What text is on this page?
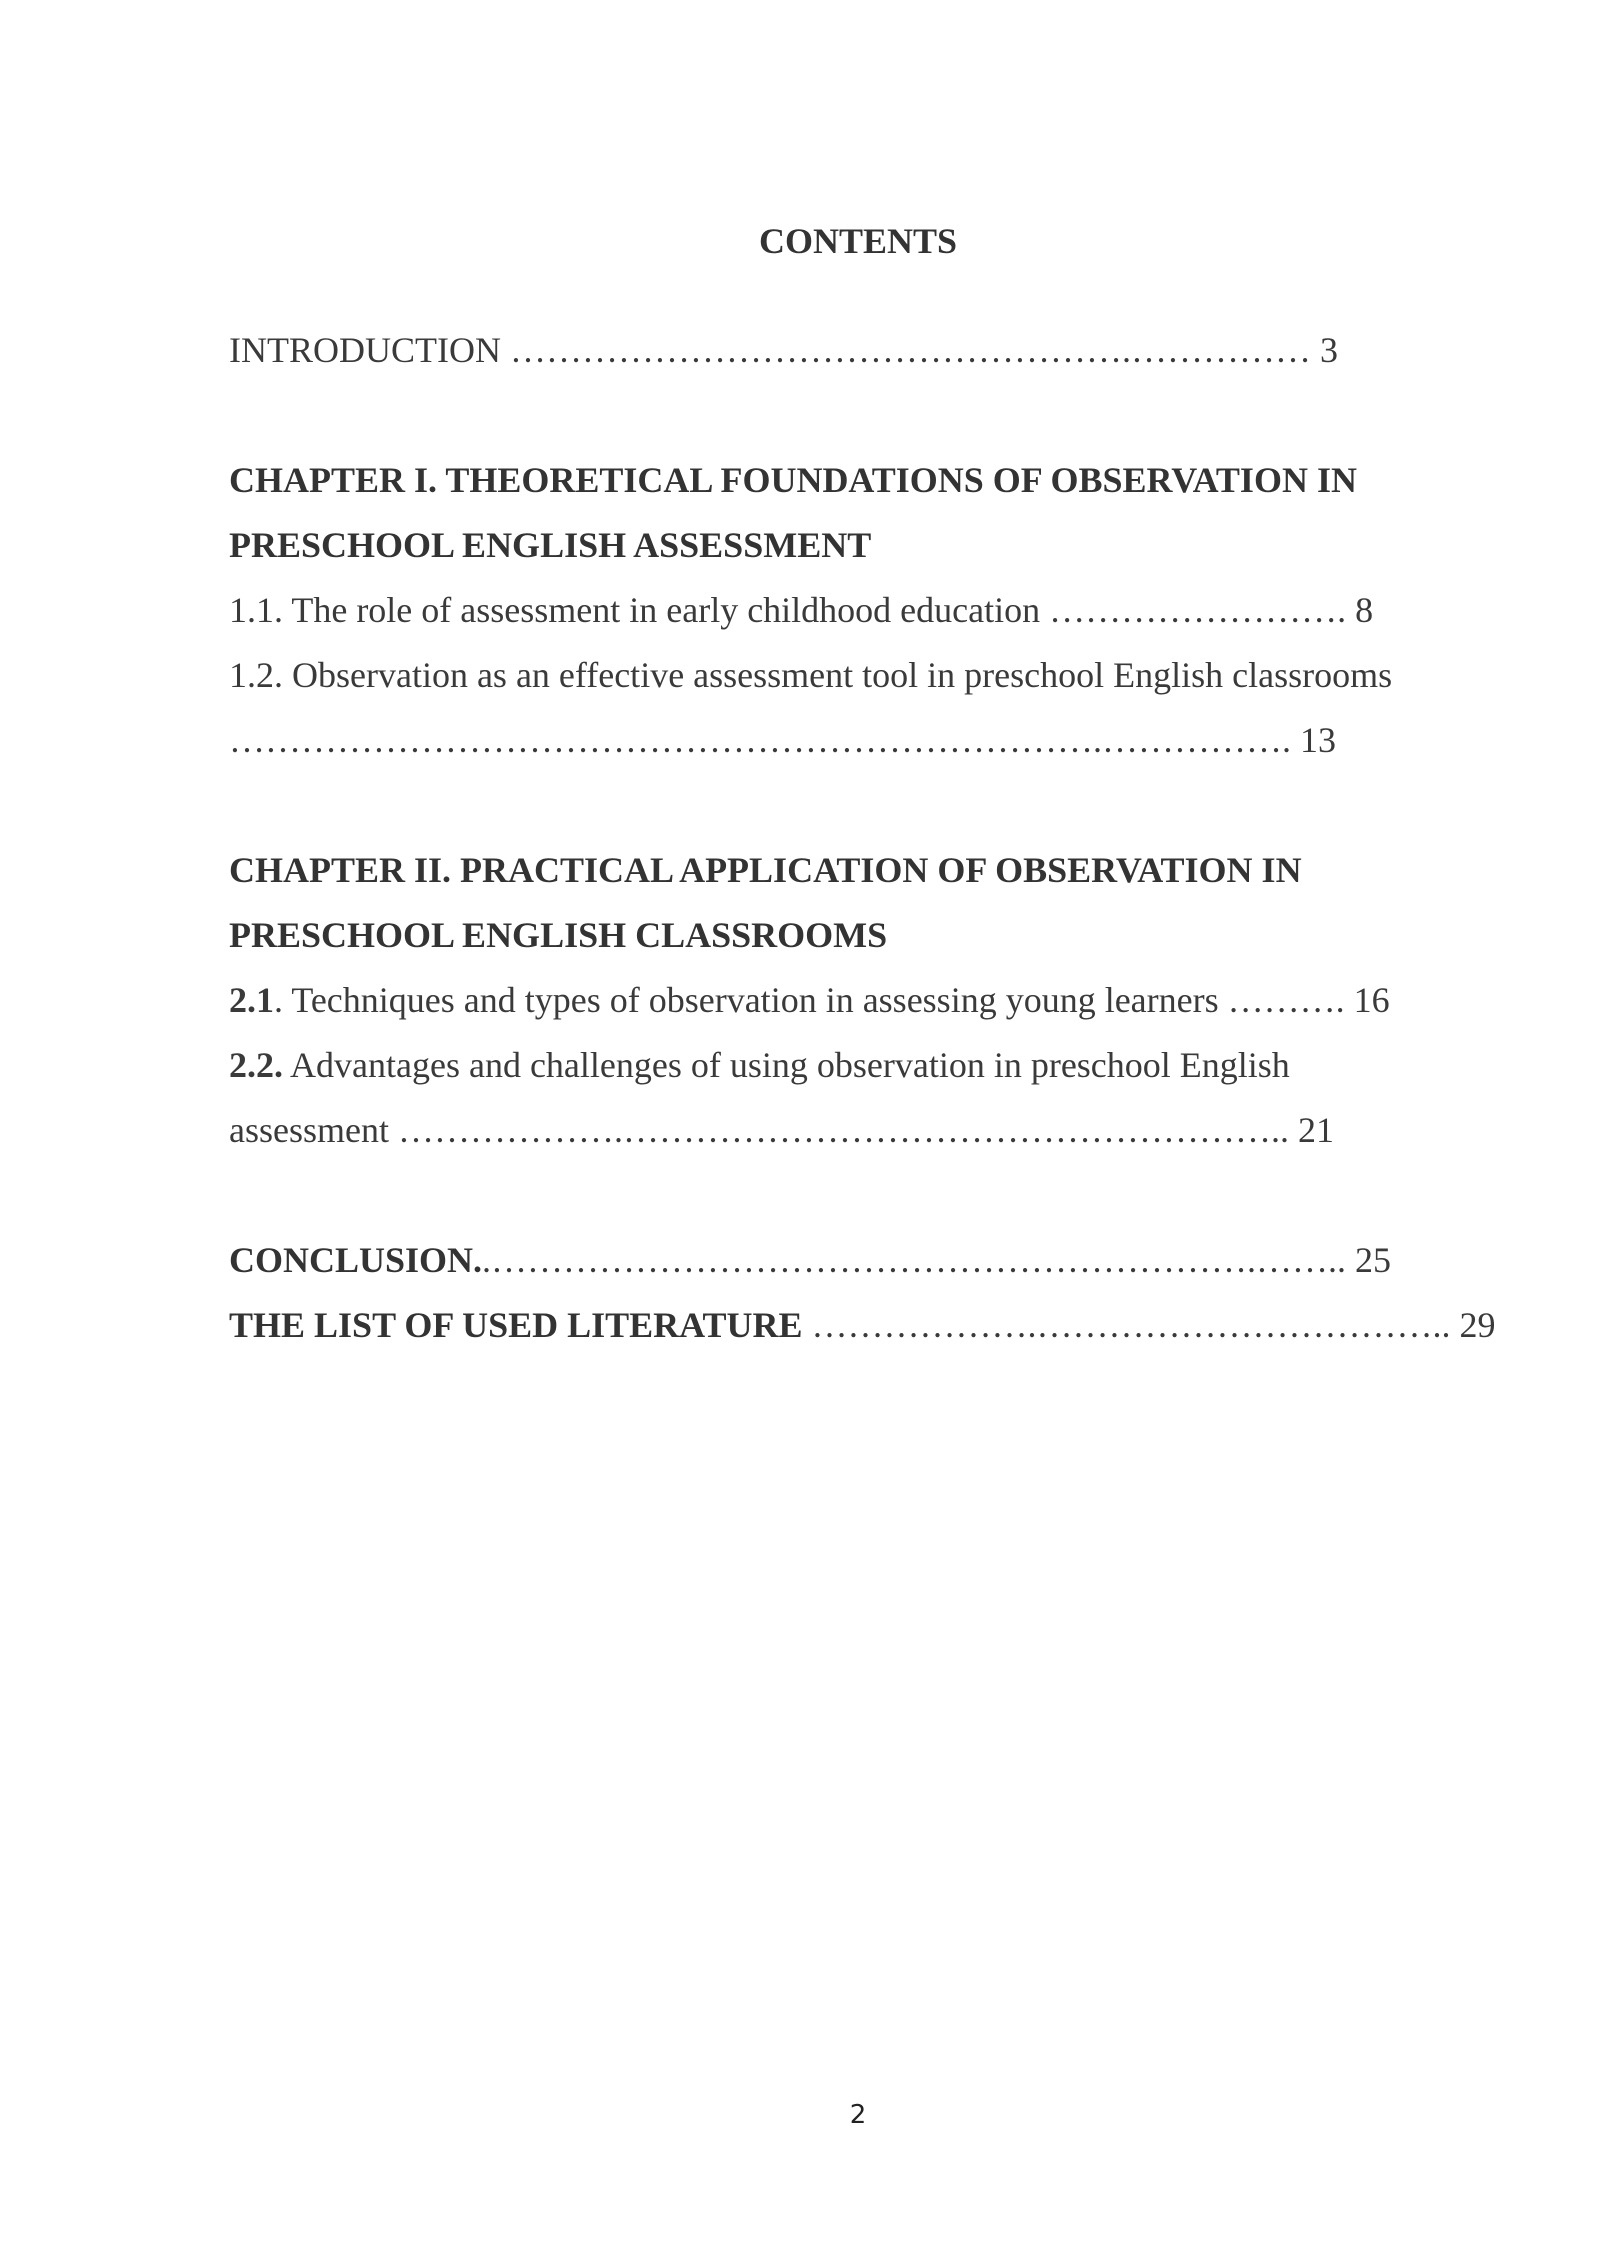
CONTENTS
INTRODUCTION …………………………………………….…………… 3
CHAPTER I. THEORETICAL FOUNDATIONS OF OBSERVATION IN
PRESCHOOL ENGLISH ASSESSMENT
1.1. The role of assessment in early childhood education ……………………. 8
1.2. Observation as an effective assessment tool in preschool English classrooms
……………………………………………………………….……………. 13
CHAPTER II. PRACTICAL APPLICATION OF OBSERVATION IN
PRESCHOOL ENGLISH CLASSROOMS
2.1. Techniques and types of observation in assessing young learners ………. 16
2.2. Advantages and challenges of using observation in preschool English
assessment ……………….……………………………………………….. 21
CONCLUSION..……………………………………………………….…….. 25
THE LIST OF USED LITERATURE ……………….…………………………….. 29
2
